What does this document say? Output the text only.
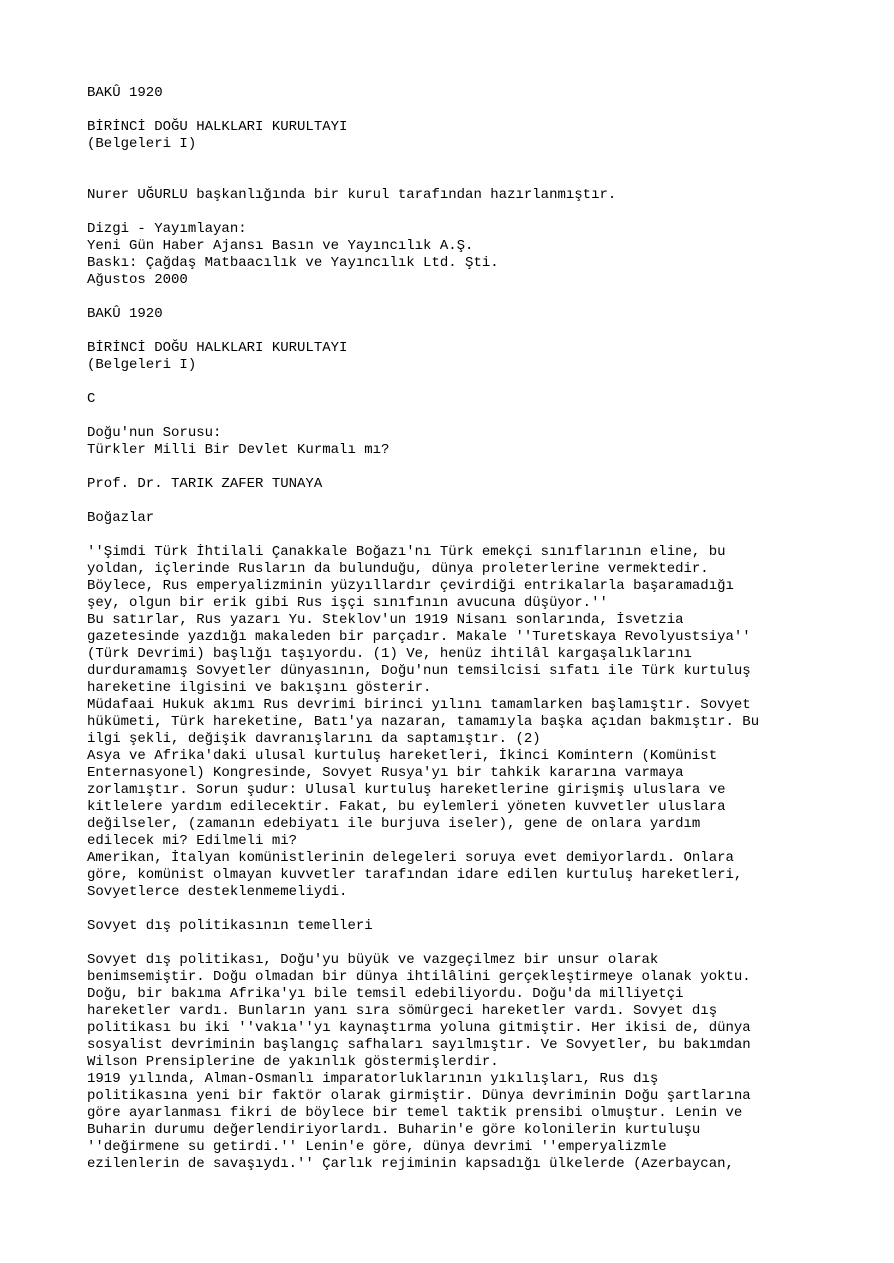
BAKÛ 1920
BİRİNCİ DOĞU HALKLARI KURULTAYI
(Belgeleri I)
Nurer UĞURLU başkanlığında bir kurul tarafından hazırlanmıştır.
Dizgi - Yayımlayan:
Yeni Gün Haber Ajansı Basın ve Yayıncılık A.Ş.
Baskı: Çağdaş Matbaacılık ve Yayıncılık Ltd. Şti.
Ağustos 2000
BAKÛ 1920
BİRİNCİ DOĞU HALKLARI KURULTAYI
(Belgeleri I)
C
Doğu'nun Sorusu:
Türkler Milli Bir Devlet Kurmalı mı?
Prof. Dr. TARIK ZAFER TUNAYA
Boğazlar
''Şimdi Türk İhtilali Çanakkale Boğazı'nı Türk emekçi sınıflarının eline, bu
yoldan, içlerinde Rusların da bulunduğu, dünya proleterlerine vermektedir.
Böylece, Rus emperyalizminin yüzyıllardır çevirdiği entrikalarla başaramadığı
şey, olgun bir erik gibi Rus işçi sınıfının avucuna düşüyor.''
Bu satırlar, Rus yazarı Yu. Steklov'un 1919 Nisanı sonlarında, İsvetzia
gazetesinde yazdığı makaleden bir parçadır. Makale ''Turetskaya Revolyustsiya''
(Türk Devrimi) başlığı taşıyordu. (1) Ve, henüz ihtilâl kargaşalıklarını
durduramamış Sovyetler dünyasının, Doğu'nun temsilcisi sıfatı ile Türk kurtuluş
hareketine ilgisini ve bakışını gösterir.
Müdafaai Hukuk akımı Rus devrimi birinci yılını tamamlarken başlamıştır. Sovyet
hükümeti, Türk hareketine, Batı'ya nazaran, tamamıyla başka açıdan bakmıştır. Bu
ilgi şekli, değişik davranışlarını da saptamıştır. (2)
Asya ve Afrika'daki ulusal kurtuluş hareketleri, İkinci Komintern (Komünist
Enternasyonel) Kongresinde, Sovyet Rusya'yı bir tahkik kararına varmaya
zorlamıştır. Sorun şudur: Ulusal kurtuluş hareketlerine girişmiş uluslara ve
kitlelere yardım edilecektir. Fakat, bu eylemleri yöneten kuvvetler uluslara
değilseler, (zamanın edebiyatı ile burjuva iseler), gene de onlara yardım
edilecek mi? Edilmeli mi?
Amerikan, İtalyan komünistlerinin delegeleri soruya evet demiyorlardı. Onlara
göre, komünist olmayan kuvvetler tarafından idare edilen kurtuluş hareketleri,
Sovyetlerce desteklenmemeliydi.
Sovyet dış politikasının temelleri
Sovyet dış politikası, Doğu'yu büyük ve vazgeçilmez bir unsur olarak
benimsemiştir. Doğu olmadan bir dünya ihtilâlini gerçekleştirmeye olanak yoktu.
Doğu, bir bakıma Afrika'yı bile temsil edebiliyordu. Doğu'da milliyetçi
hareketler vardı. Bunların yanı sıra sömürgeci hareketler vardı. Sovyet dış
politikası bu iki ''vakıa''yı kaynaştırma yoluna gitmiştir. Her ikisi de, dünya
sosyalist devriminin başlangıç safhaları sayılmıştır. Ve Sovyetler, bu bakımdan
Wilson Prensiplerine de yakınlık göstermişlerdir.
1919 yılında, Alman-Osmanlı imparatorluklarının yıkılışları, Rus dış
politikasına yeni bir faktör olarak girmiştir. Dünya devriminin Doğu şartlarına
göre ayarlanması fikri de böylece bir temel taktik prensibi olmuştur. Lenin ve
Buharin durumu değerlendiriyorlardı. Buharin'e göre kolonilerin kurtuluşu
''değirmene su getirdi.'' Lenin'e göre, dünya devrimi ''emperyalizmle
ezilenlerin de savaşıydı.'' Çarlık rejiminin kapsadığı ülkelerde (Azerbaycan,
